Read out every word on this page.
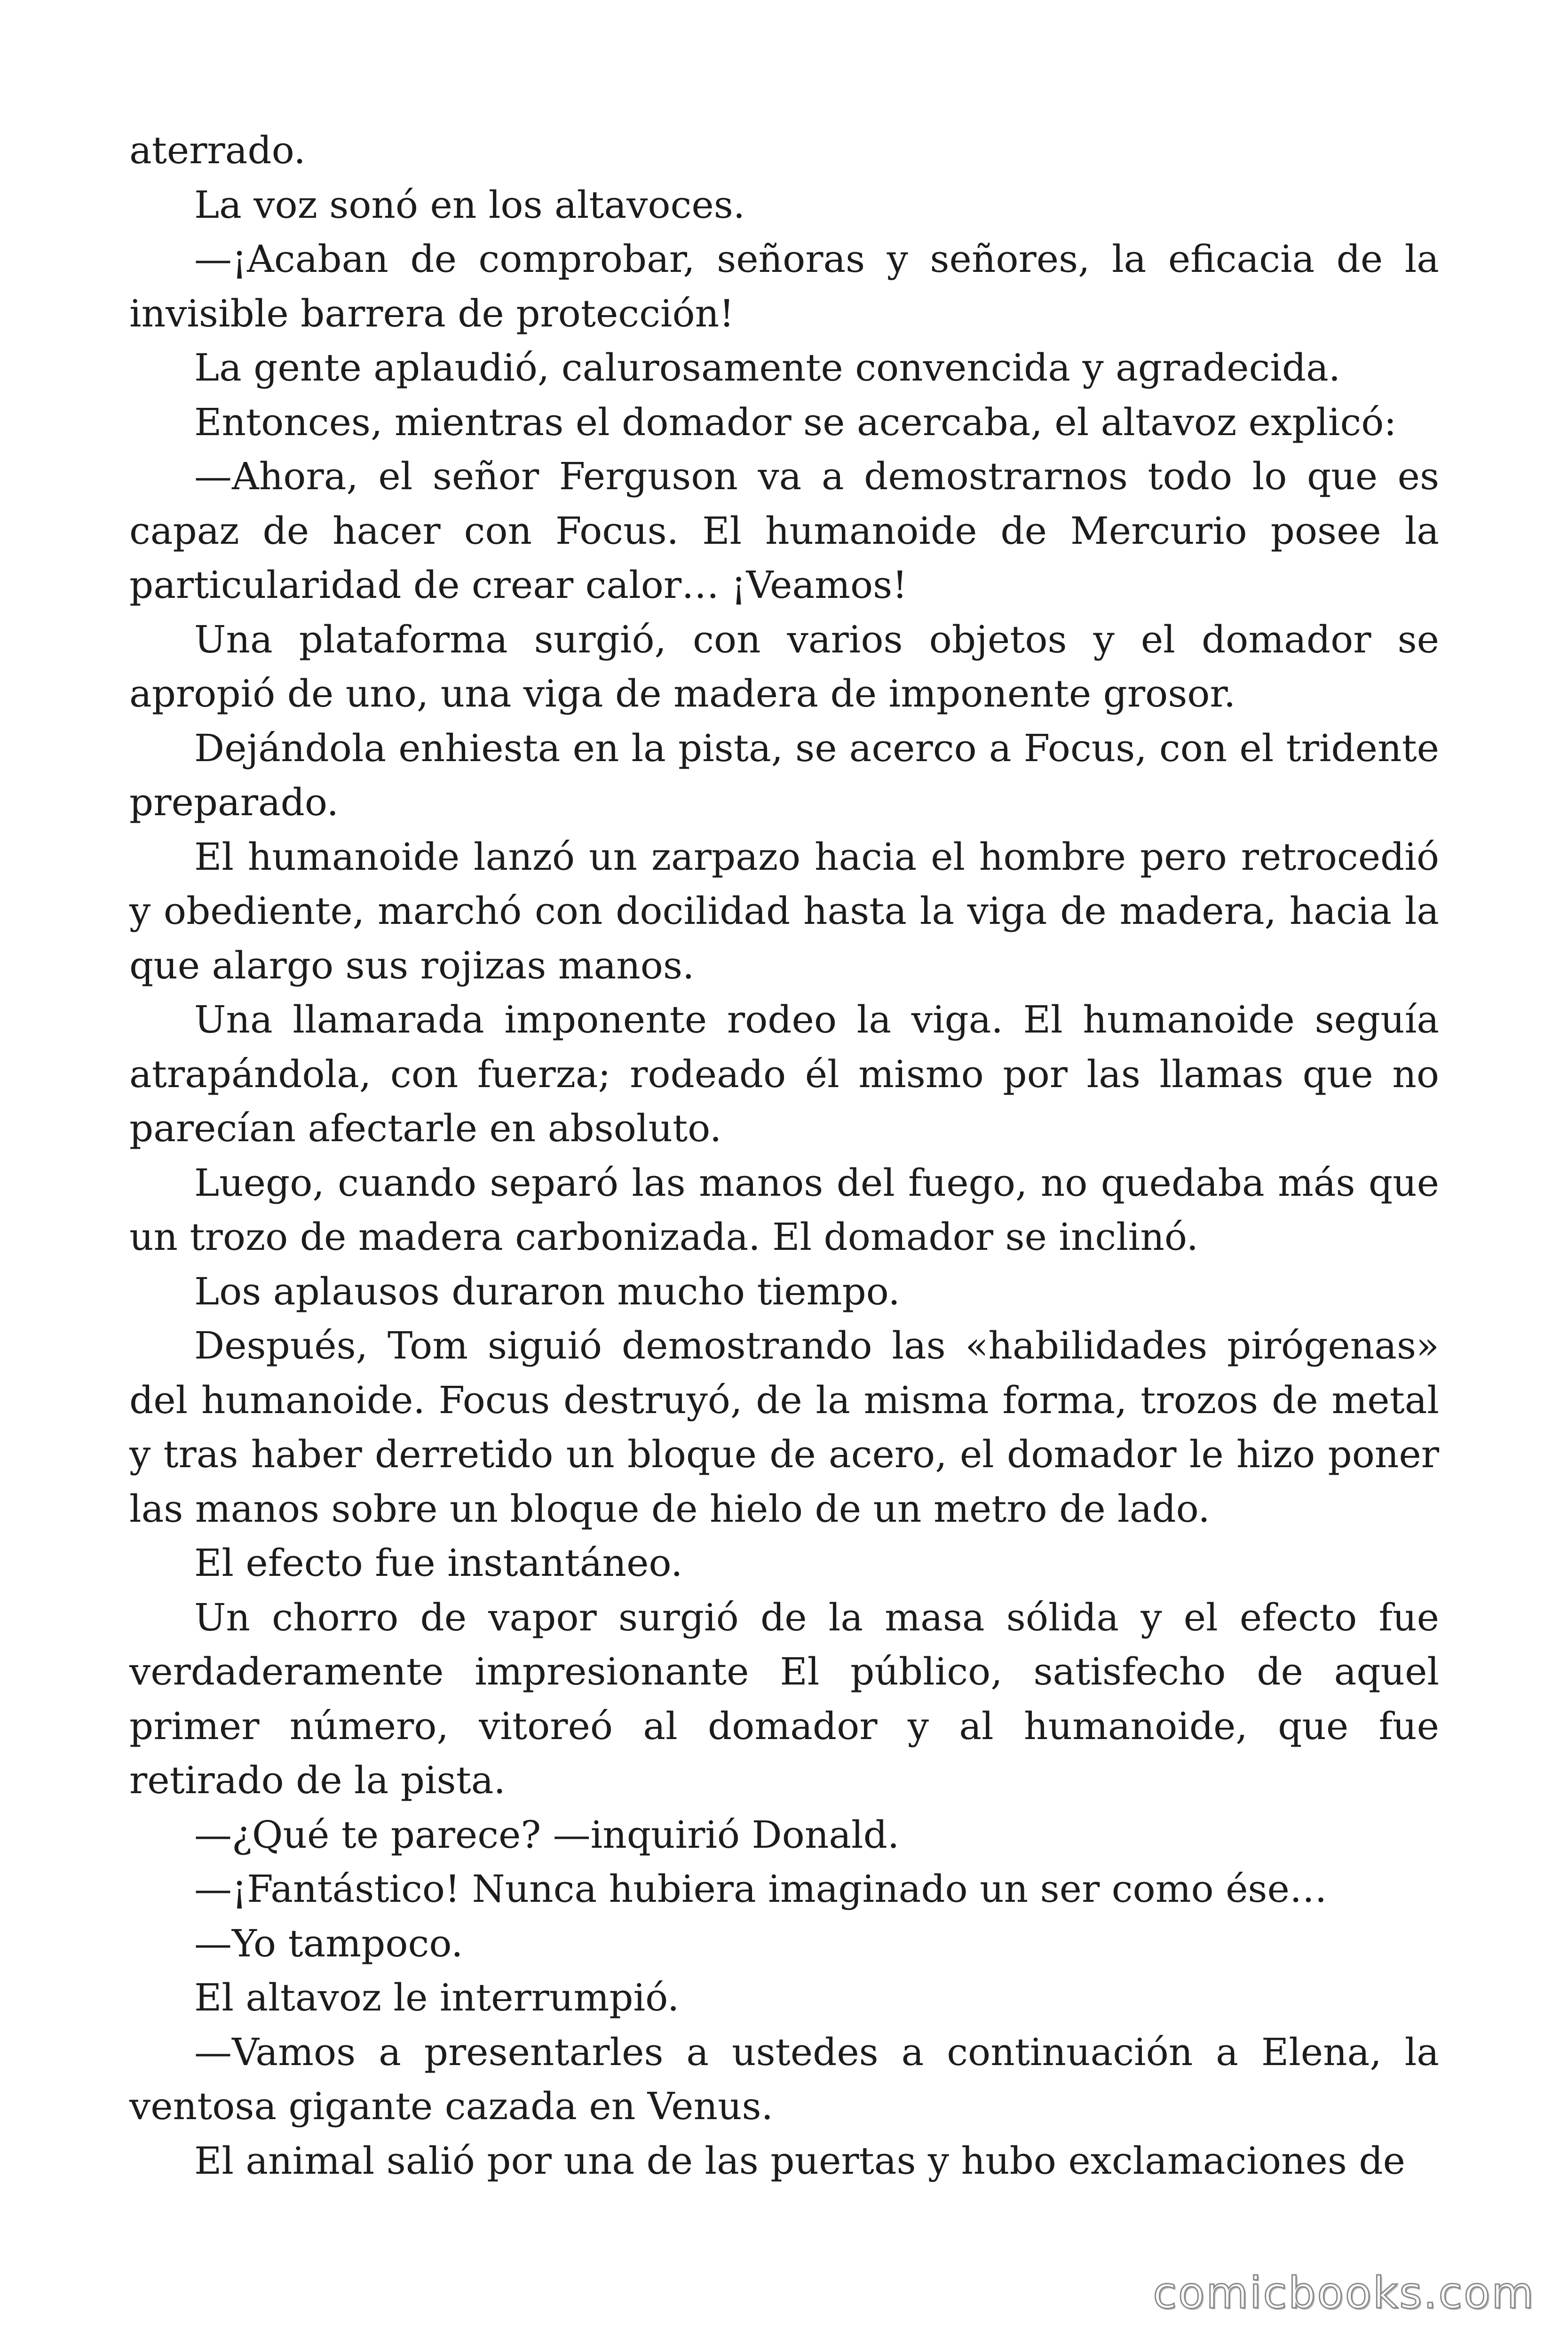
aterrado.

La voz sonó en los altavoces.

—¡Acaban de comprobar, señoras y señores, la eficacia de la invisible barrera de protección!

La gente aplaudió, calurosamente convencida y agradecida.

Entonces, mientras el domador se acercaba, el altavoz explicó:

—Ahora, el señor Ferguson va a demostrarnos todo lo que es capaz de hacer con Focus. El humanoide de Mercurio posee la particularidad de crear calor… ¡Veamos!

Una plataforma surgió, con varios objetos y el domador se apropió de uno, una viga de madera de imponente grosor.

Dejándola enhiesta en la pista, se acerco a Focus, con el tridente preparado.

El humanoide lanzó un zarpazo hacia el hombre pero retrocedió y obediente, marchó con docilidad hasta la viga de madera, hacia la que alargo sus rojizas manos.

Una llamarada imponente rodeo la viga. El humanoide seguía atrapándola, con fuerza; rodeado él mismo por las llamas que no parecían afectarle en absoluto.

Luego, cuando separó las manos del fuego, no quedaba más que un trozo de madera carbonizada. El domador se inclinó.

Los aplausos duraron mucho tiempo.

Después, Tom siguió demostrando las «habilidades pirógenas» del humanoide. Focus destruyó, de la misma forma, trozos de metal y tras haber derretido un bloque de acero, el domador le hizo poner las manos sobre un bloque de hielo de un metro de lado.

El efecto fue instantáneo.

Un chorro de vapor surgió de la masa sólida y el efecto fue verdaderamente impresionante El público, satisfecho de aquel primer número, vitoreó al domador y al humanoide, que fue retirado de la pista.

—¿Qué te parece? —inquirió Donald.

—¡Fantástico! Nunca hubiera imaginado un ser como ése…

—Yo tampoco.

El altavoz le interrumpió.

—Vamos a presentarles a ustedes a continuación a Elena, la ventosa gigante cazada en Venus.

El animal salió por una de las puertas y hubo exclamaciones de

comicbooks.com
